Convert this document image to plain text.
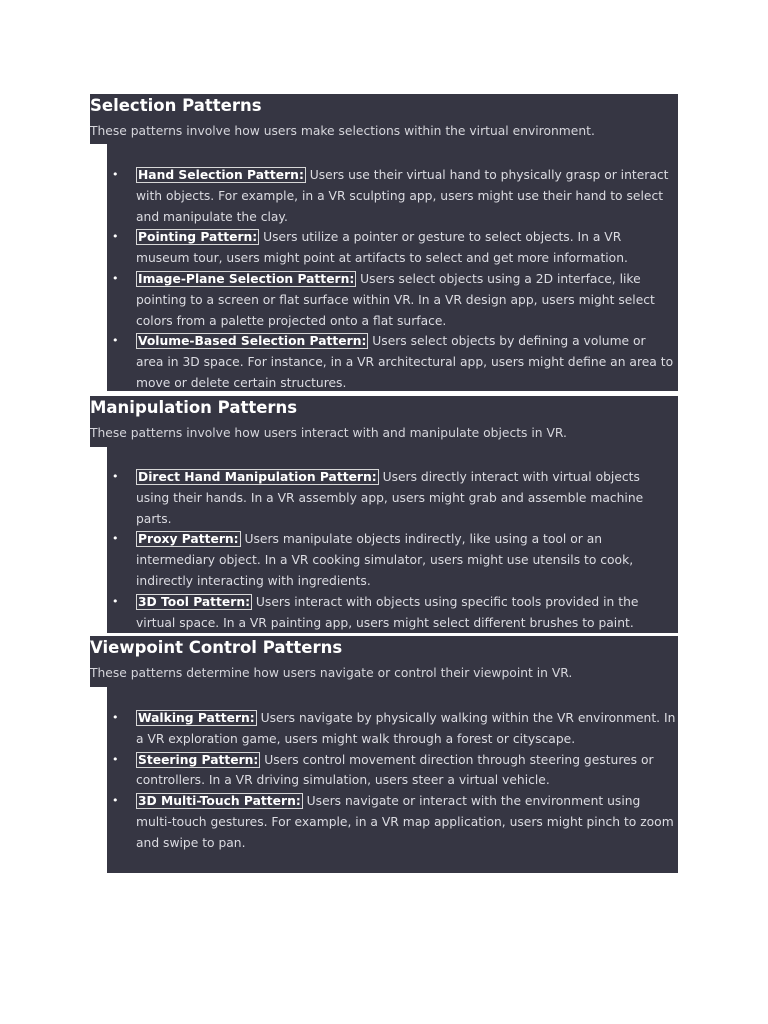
Selection Patterns
These patterns involve how users make selections within the virtual environment.
• Hand Selection Pattern: Users use their virtual hand to physically grasp or interact with objects. For example, in a VR sculpting app, users might use their hand to select and manipulate the clay.
• Pointing Pattern: Users utilize a pointer or gesture to select objects. In a VR museum tour, users might point at artifacts to select and get more information.
• Image-Plane Selection Pattern: Users select objects using a 2D interface, like pointing to a screen or flat surface within VR. In a VR design app, users might select colors from a palette projected onto a flat surface.
• Volume-Based Selection Pattern: Users select objects by defining a volume or area in 3D space. For instance, in a VR architectural app, users might define an area to move or delete certain structures.
Manipulation Patterns
These patterns involve how users interact with and manipulate objects in VR.
• Direct Hand Manipulation Pattern: Users directly interact with virtual objects using their hands. In a VR assembly app, users might grab and assemble machine parts.
• Proxy Pattern: Users manipulate objects indirectly, like using a tool or an intermediary object. In a VR cooking simulator, users might use utensils to cook, indirectly interacting with ingredients.
• 3D Tool Pattern: Users interact with objects using specific tools provided in the virtual space. In a VR painting app, users might select different brushes to paint.
Viewpoint Control Patterns
These patterns determine how users navigate or control their viewpoint in VR.
• Walking Pattern: Users navigate by physically walking within the VR environment. In a VR exploration game, users might walk through a forest or cityscape.
• Steering Pattern: Users control movement direction through steering gestures or controllers. In a VR driving simulation, users steer a virtual vehicle.
• 3D Multi-Touch Pattern: Users navigate or interact with the environment using multi-touch gestures. For example, in a VR map application, users might pinch to zoom and swipe to pan.
